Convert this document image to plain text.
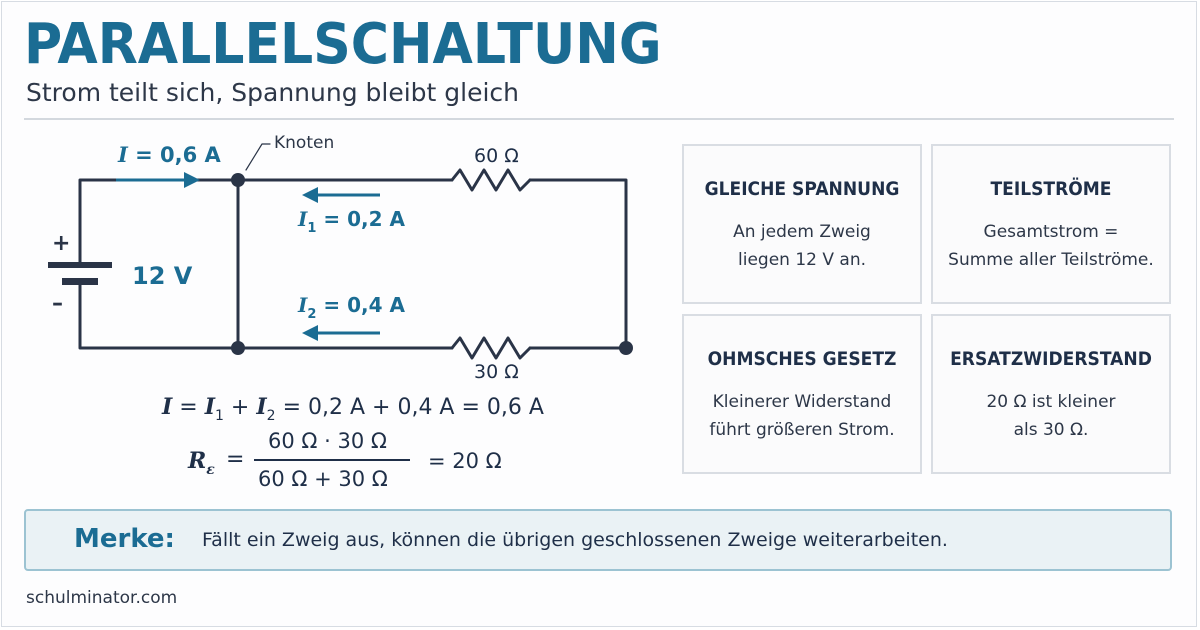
PARALLELSCHALTUNG
Strom teilt sich, Spannung bleibt gleich
Knoten
I = 0,6 A
+
–
12 V
60 Ω
30 Ω
$I_1 = 0,2$ A
$I_2 = 0,4$ A
$I = I_1 + I_2 = 0,2$ A + 0,4 A = 0,6 A
$R_\varepsilon$ =
60 Ω · 30 Ω
60 Ω + 30 Ω
= 20 Ω
GLEICHE SPANNUNG
An jedem Zweig
liegen 12 V an.
TEILSTRÖME
Gesamtstrom =
Summe aller Teilströme.
OHMSCHES GESETZ
Kleinerer Widerstand
führt größeren Strom.
ERSATZWIDERSTAND
20 Ω ist kleiner
als 30 Ω.
Merke: Fällt ein Zweig aus, können die übrigen geschlossenen Zweige weiterarbeiten.
schulminator.com
